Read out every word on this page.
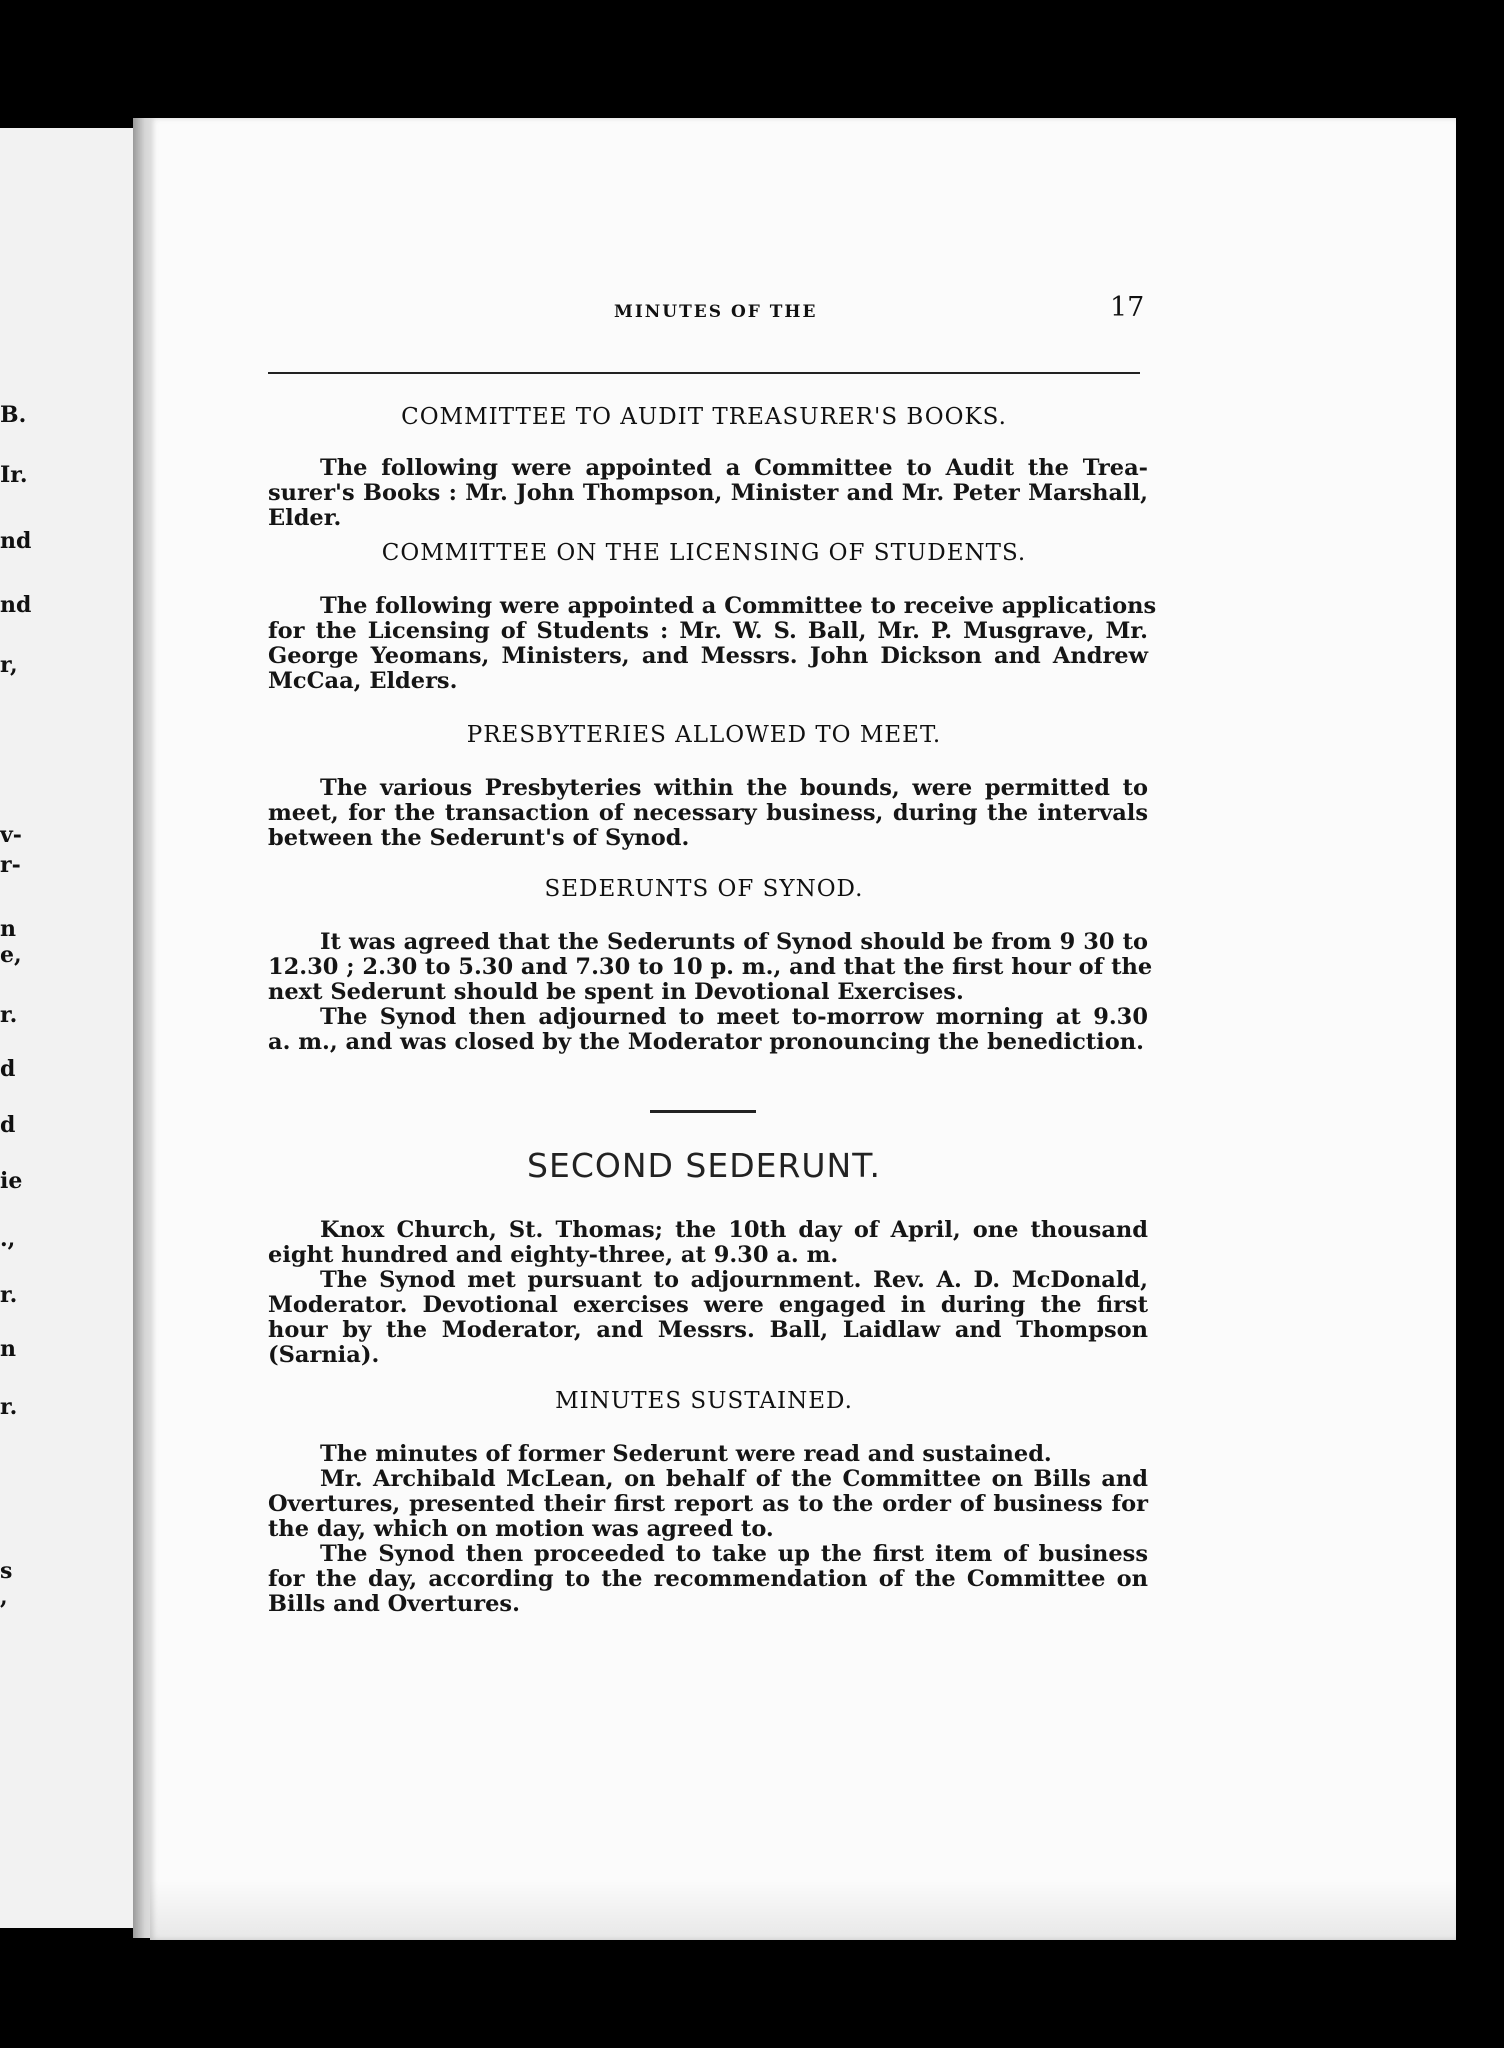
B.
Ir.
nd
nd
r,
v-
r-
n
e,
r.
d
d
ie
.,
r.
n
r.
s
,
MINUTES OF THE	17
COMMITTEE TO AUDIT TREASURER'S BOOKS.
The following were appointed a Committee to Audit the Trea-
surer's Books : Mr. John Thompson, Minister and Mr. Peter Marshall,
Elder.
COMMITTEE ON THE LICENSING OF STUDENTS.
The following were appointed a Committee to receive applications
for the Licensing of Students : Mr. W. S. Ball, Mr. P. Musgrave, Mr.
George Yeomans, Ministers, and Messrs. John Dickson and Andrew
McCaa, Elders.
PRESBYTERIES ALLOWED TO MEET.
The various Presbyteries within the bounds, were permitted to
meet, for the transaction of necessary business, during the intervals
between the Sederunt's of Synod.
SEDERUNTS OF SYNOD.
It was agreed that the Sederunts of Synod should be from 9 30 to
12.30 ; 2.30 to 5.30 and 7.30 to 10 p. m., and that the first hour of the
next Sederunt should be spent in Devotional Exercises.
The Synod then adjourned to meet to-morrow morning at 9.30
a. m., and was closed by the Moderator pronouncing the benediction.
SECOND SEDERUNT.
Knox Church, St. Thomas; the 10th day of April, one thousand
eight hundred and eighty-three, at 9.30 a. m.
The Synod met pursuant to adjournment. Rev. A. D. McDonald,
Moderator. Devotional exercises were engaged in during the first
hour by the Moderator, and Messrs. Ball, Laidlaw and Thompson
(Sarnia).
MINUTES SUSTAINED.
The minutes of former Sederunt were read and sustained.
Mr. Archibald McLean, on behalf of the Committee on Bills and
Overtures, presented their first report as to the order of business for
the day, which on motion was agreed to.
The Synod then proceeded to take up the first item of business
for the day, according to the recommendation of the Committee on
Bills and Overtures.
